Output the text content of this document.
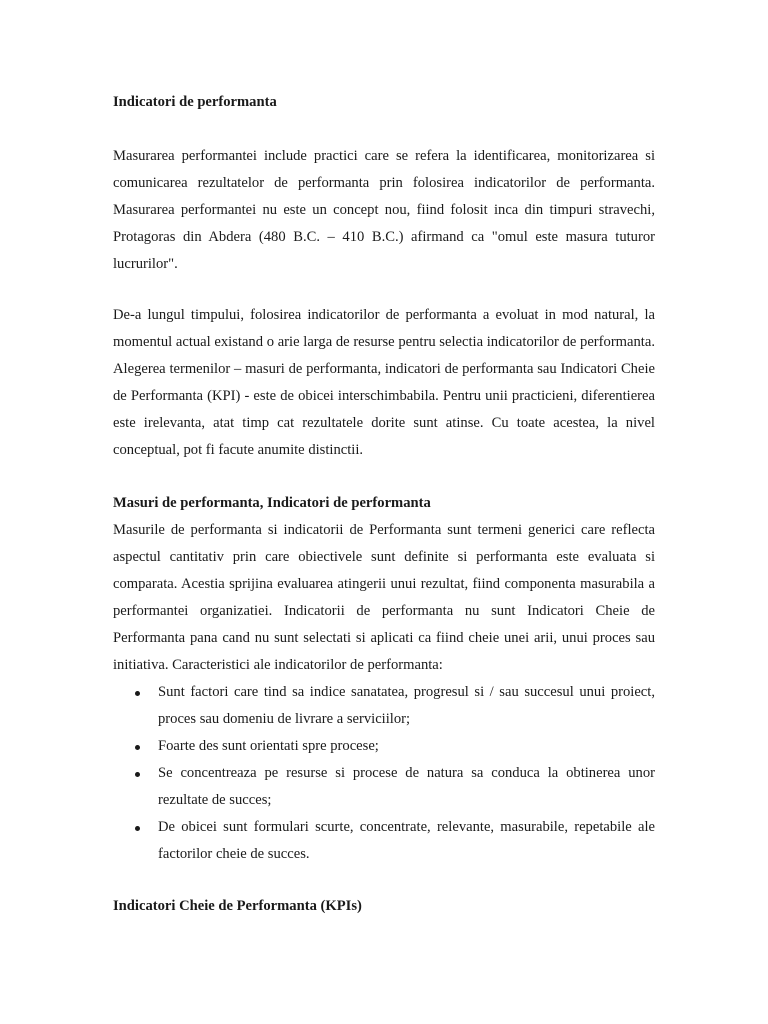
Indicatori de performanta

Masurarea performantei include practici care se refera la identificarea, monitorizarea si comunicarea rezultatelor de performanta prin folosirea indicatorilor de performanta. Masurarea performantei nu este un concept nou, fiind folosit inca din timpuri stravechi, Protagoras din Abdera (480 B.C. – 410 B.C.) afirmand ca "omul este masura tuturor lucrurilor".

De-a lungul timpului, folosirea indicatorilor de performanta a evoluat in mod natural, la momentul actual existand o arie larga de resurse pentru selectia indicatorilor de performanta. Alegerea termenilor – masuri de performanta, indicatori de performanta sau Indicatori Cheie de Performanta (KPI) - este de obicei interschimbabila. Pentru unii practicieni, diferentierea este irelevanta, atat timp cat rezultatele dorite sunt atinse. Cu toate acestea, la nivel conceptual, pot fi facute anumite distinctii.

Masuri de performanta, Indicatori de performanta

Masurile de performanta si indicatorii de Performanta sunt termeni generici care reflecta aspectul cantitativ prin care obiectivele sunt definite si performanta este evaluata si comparata. Acestia sprijina evaluarea atingerii unui rezultat, fiind componenta masurabila a performantei organizatiei. Indicatorii de performanta nu sunt Indicatori Cheie de Performanta pana cand nu sunt selectati si aplicati ca fiind cheie unei arii, unui proces sau initiativa. Caracteristici ale indicatorilor de performanta:

Sunt factori care tind sa indice sanatatea, progresul si / sau succesul unui proiect, proces sau domeniu de livrare a serviciilor;
Foarte des sunt orientati spre procese;
Se concentreaza pe resurse si procese de natura sa conduca la obtinerea unor rezultate de succes;
De obicei sunt formulari scurte, concentrate, relevante, masurabile, repetabile ale factorilor cheie de succes.

Indicatori Cheie de Performanta (KPIs)
